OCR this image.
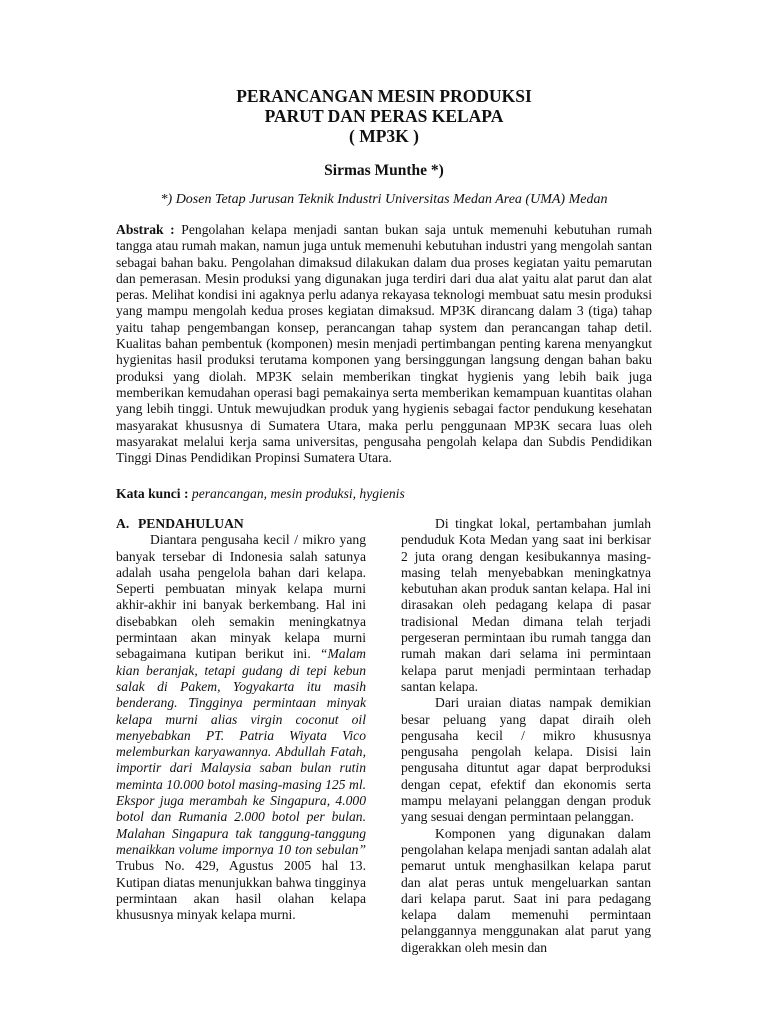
PERANCANGAN MESIN PRODUKSI
PARUT DAN PERAS KELAPA
( MP3K )
Sirmas Munthe *)
*) Dosen Tetap Jurusan Teknik Industri Universitas Medan Area (UMA) Medan
Abstrak : Pengolahan kelapa menjadi santan bukan saja untuk memenuhi kebutuhan rumah tangga atau rumah makan, namun juga untuk memenuhi kebutuhan industri yang mengolah santan sebagai bahan baku. Pengolahan dimaksud dilakukan dalam dua proses kegiatan yaitu pemarutan dan pemerasan. Mesin produksi yang digunakan juga terdiri dari dua alat yaitu alat parut dan alat peras. Melihat kondisi ini agaknya perlu adanya rekayasa teknologi membuat satu mesin produksi yang mampu mengolah kedua proses kegiatan dimaksud. MP3K dirancang dalam 3 (tiga) tahap yaitu tahap pengembangan konsep, perancangan tahap system dan perancangan tahap detil. Kualitas bahan pembentuk (komponen) mesin menjadi pertimbangan penting karena menyangkut hygienitas hasil produksi terutama komponen yang bersinggungan langsung dengan bahan baku produksi yang diolah. MP3K selain memberikan tingkat hygienis yang lebih baik juga memberikan kemudahan operasi bagi pemakainya serta memberikan kemampuan kuantitas olahan yang lebih tinggi. Untuk mewujudkan produk yang hygienis sebagai factor pendukung kesehatan masyarakat khususnya di Sumatera Utara, maka perlu penggunaan MP3K secara luas oleh masyarakat melalui kerja sama universitas, pengusaha pengolah kelapa dan Subdis Pendidikan Tinggi Dinas Pendidikan Propinsi Sumatera Utara.
Kata kunci : perancangan, mesin produksi, hygienis
A. PENDAHULUAN

Diantara pengusaha kecil / mikro yang banyak tersebar di Indonesia salah satunya adalah usaha pengelola bahan dari kelapa. Seperti pembuatan minyak kelapa murni akhir-akhir ini banyak berkembang. Hal ini disebabkan oleh semakin meningkatnya permintaan akan minyak kelapa murni sebagaimana kutipan berikut ini. “Malam kian beranjak, tetapi gudang di tepi kebun salak di Pakem, Yogyakarta itu masih benderang. Tingginya permintaan minyak kelapa murni alias virgin coconut oil menyebabkan PT. Patria Wiyata Vico melemburkan karyawannya. Abdullah Fatah, importir dari Malaysia saban bulan rutin meminta 10.000 botol masing-masing 125 ml. Ekspor juga merambah ke Singapura, 4.000 botol dan Rumania 2.000 botol per bulan. Malahan Singapura tak tanggung-tanggung menaikkan volume impornya 10 ton sebulan” Trubus No. 429, Agustus 2005 hal 13. Kutipan diatas menunjukkan bahwa tingginya permintaan akan hasil olahan kelapa khususnya minyak kelapa murni.

Di tingkat lokal, pertambahan jumlah penduduk Kota Medan yang saat ini berkisar 2 juta orang dengan kesibukannya masing-masing telah menyebabkan meningkatnya kebutuhan akan produk santan kelapa. Hal ini dirasakan oleh pedagang kelapa di pasar tradisional Medan dimana telah terjadi pergeseran permintaan ibu rumah tangga dan rumah makan dari selama ini permintaan kelapa parut menjadi permintaan terhadap santan kelapa.

Dari uraian diatas nampak demikian besar peluang yang dapat diraih oleh pengusaha kecil / mikro khususnya pengusaha pengolah kelapa. Disisi lain pengusaha dituntut agar dapat berproduksi dengan cepat, efektif dan ekonomis serta mampu melayani pelanggan dengan produk yang sesuai dengan permintaan pelanggan.

Komponen yang digunakan dalam pengolahan kelapa menjadi santan adalah alat pemarut untuk menghasilkan kelapa parut dan alat peras untuk mengeluarkan santan dari kelapa parut. Saat ini para pedagang kelapa dalam memenuhi permintaan pelanggannya menggunakan alat parut yang digerakkan oleh mesin dan
